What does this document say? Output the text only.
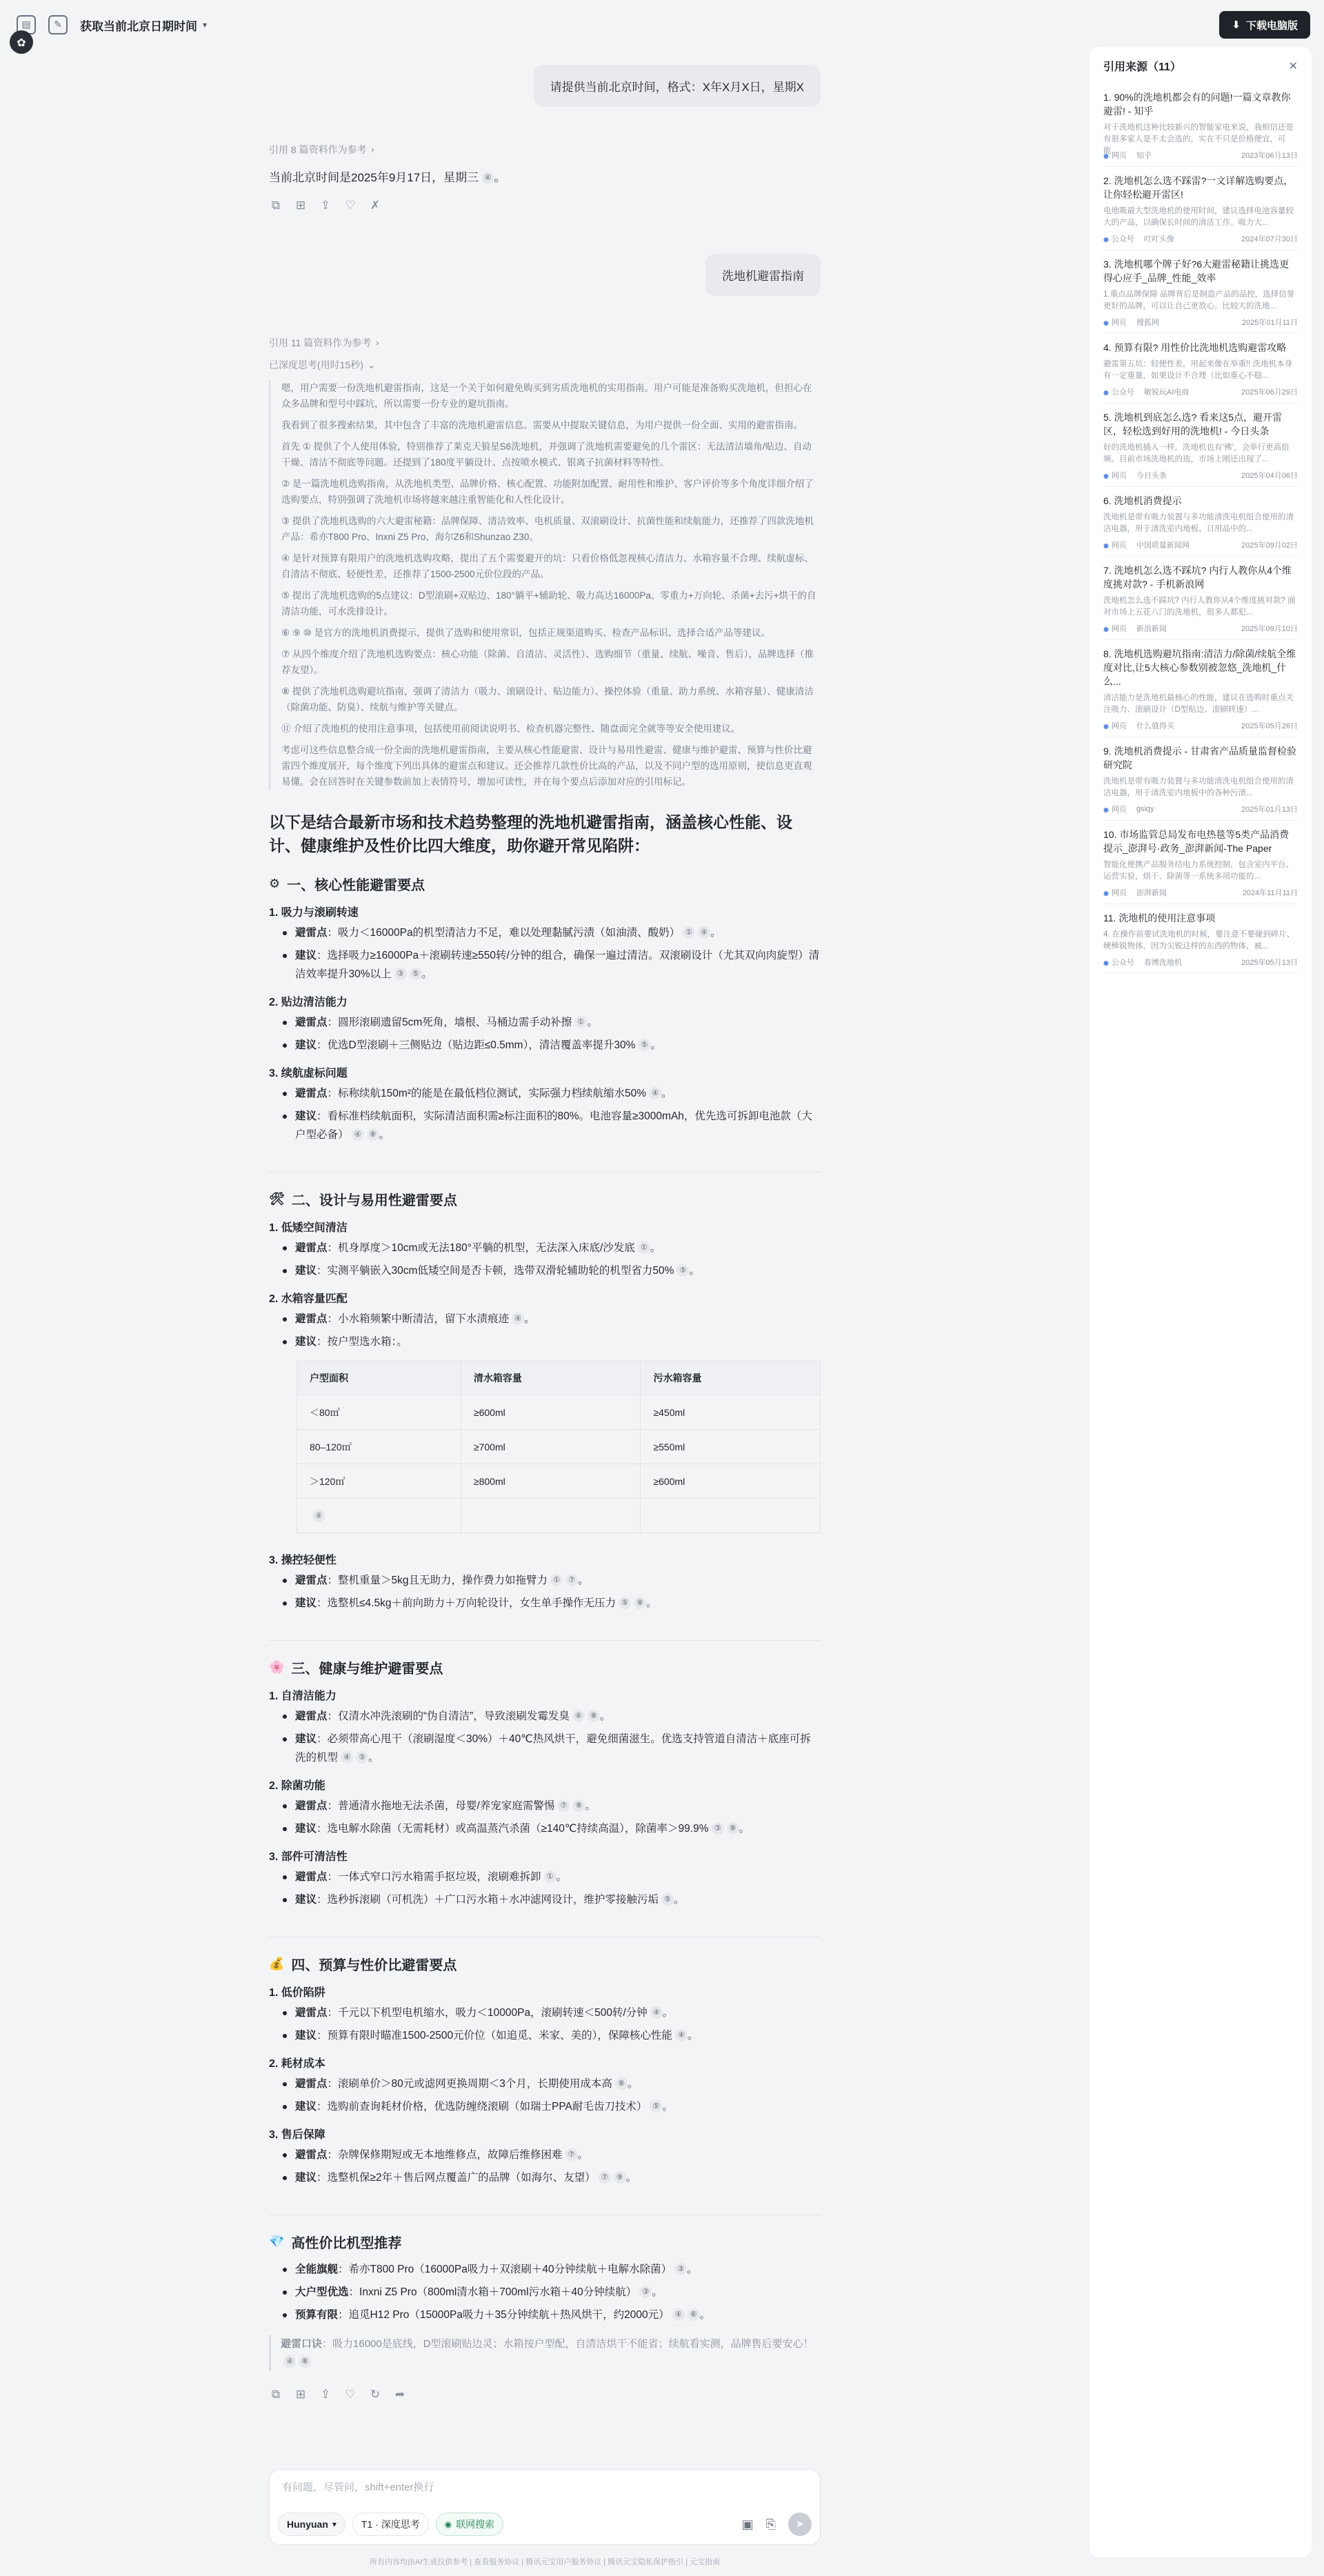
▤	✎	获取当前北京日期时间 ▾	⬇ 下载电脑版
✿
请提供当前北京时间，格式：X年X月X日，星期X
引用 8 篇资料作为参考 ›
当前北京时间是2025年9月17日，星期三 ④ 。
⧉ ⊞ ⇪ ♡ ✗
洗地机避雷指南
引用 11 篇资料作为参考 ›
已深度思考(用时15秒) ⌄

嗯，用户需要一份洗地机避雷指南，这是一个关于如何避免购买到劣质洗地机的实用指南。用户可能是准备购买洗地机，但担心在众多品牌和型号中踩坑，所以需要一份专业的避坑指南。

我看到了很多搜索结果，其中包含了丰富的洗地机避雷信息。需要从中提取关键信息，为用户提供一份全面、实用的避雷指南。

首先 ① 提供了个人使用体验，特别推荐了莱克天狼星S6洗地机，并强调了洗地机需要避免的几个雷区：无法清洁墙角/贴边、自动干燥、清洁不彻底等问题。还提到了180度平躺设计、点按喷水模式、银离子抗菌材料等特性。

② 是一篇洗地机选购指南，从洗地机类型、品牌价格、核心配置、功能附加配置、耐用性和维护、客户评价等多个角度详细介绍了选购要点，特别强调了洗地机市场将越来越注重智能化和人性化设计。

③ 提供了洗地机选购的六大避雷秘籍：品牌保障、清洁效率、电机质量、双滚刷设计、抗菌性能和续航能力，还推荐了四款洗地机产品：希亦T800 Pro、Inxni Z5 Pro、海尔Z6和Shunzao Z30。

④ 是针对预算有限用户的洗地机选购攻略，提出了五个需要避开的坑：只看价格低忽视核心清洁力、水箱容量不合理、续航虚标、自清洁不彻底、轻便性差，还推荐了1500-2500元价位段的产品。

⑤ 提出了洗地机选购的5点建议：D型滚刷+双贴边、180°躺平+辅助轮、吸力高达16000Pa、零重力+万向轮、杀菌+去污+烘干的自清洁功能，可水洗排设计。

⑥ ⑨ ⑩ 是官方的洗地机消费提示，提供了选购和使用常识，包括正规渠道购买、检查产品标识、选择合适产品等建议。

⑦ 从四个维度介绍了洗地机选购要点：核心功能（除菌、自清洁、灵活性）、选购细节（重量、续航、噪音、售后），品牌选择（推荐友望）。

⑧ 提供了洗地机选购避坑指南，强调了清洁力（吸力、滚刷设计、贴边能力）、操控体验（重量、助力系统、水箱容量）、健康清洁（除菌功能、防臭）、续航与维护等关键点。

⑪ 介绍了洗地机的使用注意事项，包括使用前阅读说明书、检查机器完整性、随盘面完全就等等安全使用建议。

考虑可这些信息整合成一份全面的洗地机避雷指南，主要从核心性能避雷、设计与易用性避雷、健康与维护避雷、预算与性价比避雷四个维度展开，每个维度下列出具体的避雷点和建议。还会推荐几款性价比高的产品，以及不同户型的选用原则，使信息更直观易懂。会在回答时在关键参数前加上表情符号，增加可读性，并在每个要点后添加对应的引用标记。

以下是结合最新市场和技术趋势整理的洗地机避雷指南，涵盖核心性能、设计、健康维护及性价比四大维度，助你避开常见陷阱：
⚙ 一、核心性能避雷要点
1. 吸力与滚刷转速
避雷点：吸力＜16000Pa的机型清洁力不足，难以处理黏腻污渍（如油渍、酸奶） ① ④ 。
建议：选择吸力≥16000Pa＋滚刷转速≥550转/分钟的组合，确保一遍过清洁。双滚刷设计（尤其双向肉旋型）清洁效率提升30%以上 ③ ⑤ 。
2. 贴边清洁能力
避雷点：圆形滚刷遗留5cm死角，墙根、马桶边需手动补擦 ① 。
建议：优选D型滚刷＋三侧贴边（贴边距≤0.5mm），清洁覆盖率提升30% ⑤ 。
3. 续航虚标问题
避雷点：标称续航150m²的能是在最低档位测试，实际强力档续航缩水50% ④ 。
建议：看标准档续航面积，实际清洁面积需≥标注面积的80%。电池容量≥3000mAh，优先选可拆卸电池款（大户型必备） ④ ⑧ 。
🛠 二、设计与易用性避雷要点
1. 低矮空间清洁
避雷点：机身厚度＞10cm或无法180°平躺的机型，无法深入床底/沙发底 ① 。
建议：实测平躺嵌入30cm低矮空间是否卡顿，选带双滑轮辅助轮的机型省力50% ⑤ 。
2. 水箱容量匹配
避雷点：小水箱频繁中断清洁，留下水渍痕迹 ④ 。
建议：按户型选水箱：。
户型面积	清水箱容量	污水箱容量
＜80㎡	≥600ml	≥450ml
80–120㎡	≥700ml	≥550ml
＞120㎡	≥800ml	≥600ml
④		
3. 操控轻便性
避雷点：整机重量＞5kg且无助力，操作费力如拖臂力 ① ⑦ 。
建议：选整机≤4.5kg＋前向助力＋万向轮设计，女生单手操作无压力 ⑤ ⑧ 。
🌸 三、健康与维护避雷要点
1. 自清洁能力
避雷点：仅清水冲洗滚刷的“伪自清洁”，导致滚刷发霉发臭 ④ ⑧ 。
建议：必须带高心甩干（滚刷湿度＜30%）＋40℃热风烘干，避免细菌滋生。优选支持管道自清洁＋底座可拆洗的机型 ④ ⑤ 。
2. 除菌功能
避雷点：普通清水拖地无法杀菌，母婴/养宠家庭需警惕 ⑦ ⑧ 。
建议：选电解水除菌（无需耗材）或高温蒸汽杀菌（≥140℃持续高温），除菌率＞99.9% ③ ⑧ 。
3. 部件可清洁性
避雷点：一体式窄口污水箱需手抠垃圾，滚刷难拆卸 ① 。
建议：选秒拆滚刷（可机洗）＋广口污水箱＋水冲滤网设计，维护零接触污垢 ⑤ 。
💰 四、预算与性价比避雷要点
1. 低价陷阱
避雷点：千元以下机型电机缩水，吸力＜10000Pa，滚刷转速＜500转/分钟 ④ 。
建议：预算有限时瞄准1500-2500元价位（如追觅、米家、美的），保障核心性能 ④ 。
2. 耗材成本
避雷点：滚刷单价＞80元或滤网更换周期＜3个月，长期使用成本高 ⑧ 。
建议：选购前查询耗材价格，优选防缠绕滚刷（如瑞士PPA耐毛齿刀技术） ⑤ 。
3. 售后保障
避雷点：杂牌保修期短或无本地维修点，故障后维修困难 ⑦ 。
建议：选整机保≥2年＋售后网点覆盖广的品牌（如海尔、友望） ⑦ ⑨ 。
💎 高性价比机型推荐
全能旗舰：希亦T800 Pro（16000Pa吸力＋双滚刷＋40分钟续航＋电解水除菌） ③ 。
大户型优选：Inxni Z5 Pro（800ml清水箱＋700ml污水箱＋40分钟续航） ③ 。
预算有限：追觅H12 Pro（15000Pa吸力＋35分钟续航＋热风烘干，约2000元） ④ ⑥ 。
避雷口诀：吸力16000是底线，D型滚刷贴边灵；水箱按户型配，自清洁烘干不能省；续航看实测，品牌售后要安心！④ ⑧
⧉ ⊞ ⇪ ♡ ↻ ➦
有问题，尽管问，shift+enter换行
Hunyuan ▾	T1 · 深度思考	◉ 联网搜索	▣ ⎘	➤
所有内容均由AI生成仅供参考 | 查看服务协议 | 腾讯元宝用户服务协议 | 腾讯元宝隐私保护指引 | 元宝指南
引用来源（11）	✕
1. 90%的洗地机都会有的问题!一篇文章教你避雷! - 知乎
对于洗地机这种比较新兴的智能家电来说，我相信还是有很多家人是不太会选的，实在不只是价格便宜，可能...
● 网页 知乎	2023年06月13日
2. 洗地机怎么选不踩雷?一文详解选购要点，让你轻松避开雷区!
电地吸最大型洗地机的使用时间，建议选择电池容量较大的产品，以确保长时间的清洁工作。吸力大...
● 公众号 叮叮头像	2024年07月30日
3. 洗地机哪个牌子好?6大避雷秘籍让挑选更得心应手_品牌_性能_效率
1.重点品牌保障 品牌背后是制造产品的品控，选择信誉更好的品牌，可以让自己更放心。比较大的洗地...
● 网页 搜狐网	2025年01月11日
4. 预算有限? 用性价比洗地机选购避雷攻略
避雷第五坑：轻便性差，用起来像在举重!! 洗地机本身有一定重量，如果设计不合理（比如重心不稳...
● 公众号 敏锐玩AI电商	2025年06月29日
5. 洗地机到底怎么选? 看来这5点，避开雷区，轻松选到好用的洗地机! - 今日头条
好的洗地机插入一样，洗地机也有‘佛’，会举行更高倍频。目前市场洗地机的选，市场上刚还出现了...
● 网页 今日头条	2025年04月06日
6. 洗地机消费提示
洗地机是带有吸力装置与多功能清洗电机组合使用的清洁电器，用于清洗室内地板、日用品中的...
● 网页 中国质量新闻网	2025年09月02日
7. 洗地机怎么选不踩坑? 内行人教你从4个维度挑对款? - 手机新浪网
洗地机怎么选不踩坑? 内行人教你从4个维度挑对款? 面对市场上五花八门的洗地机，很多人都犯...
● 网页 新浪新闻	2025年09月10日
8. 洗地机选购避坑指南:清洁力/除菌/续航全维度对比,让5大核心参数别被忽悠_洗地机_什么...
清洁能力是洗地机最核心的性能，建议在选购时重点关注吸力、滚刷设计（D型贴边、滚刷转速）...
● 网页 什么值得买	2025年05月26日
9. 洗地机消费提示 - 甘肃省产品质量监督检验研究院
洗地机是带有吸力装置与多功能清洗电机组合使用的清洁电器，用于清洗室内地板中的各种污渍...
● 网页 gsiqy	2025年01月13日
10. 市场监管总局发布电热毯等5类产品消费提示_澎湃号·政务_澎湃新闻-The Paper
智能化便携产品服务结电力系统控制，包含室内平台、运营实验，烘干、除菌等一系统多项功能的...
● 网页 澎湃新闻	2024年11月11日
11. 洗地机的使用注意事项
4. 在操作前要试洗地机的时候，要注意不要碰到碎片、硬棒锐物体，因为尖锐这样的东西的物体，被...
● 公众号 春博洗地机	2025年05月13日
